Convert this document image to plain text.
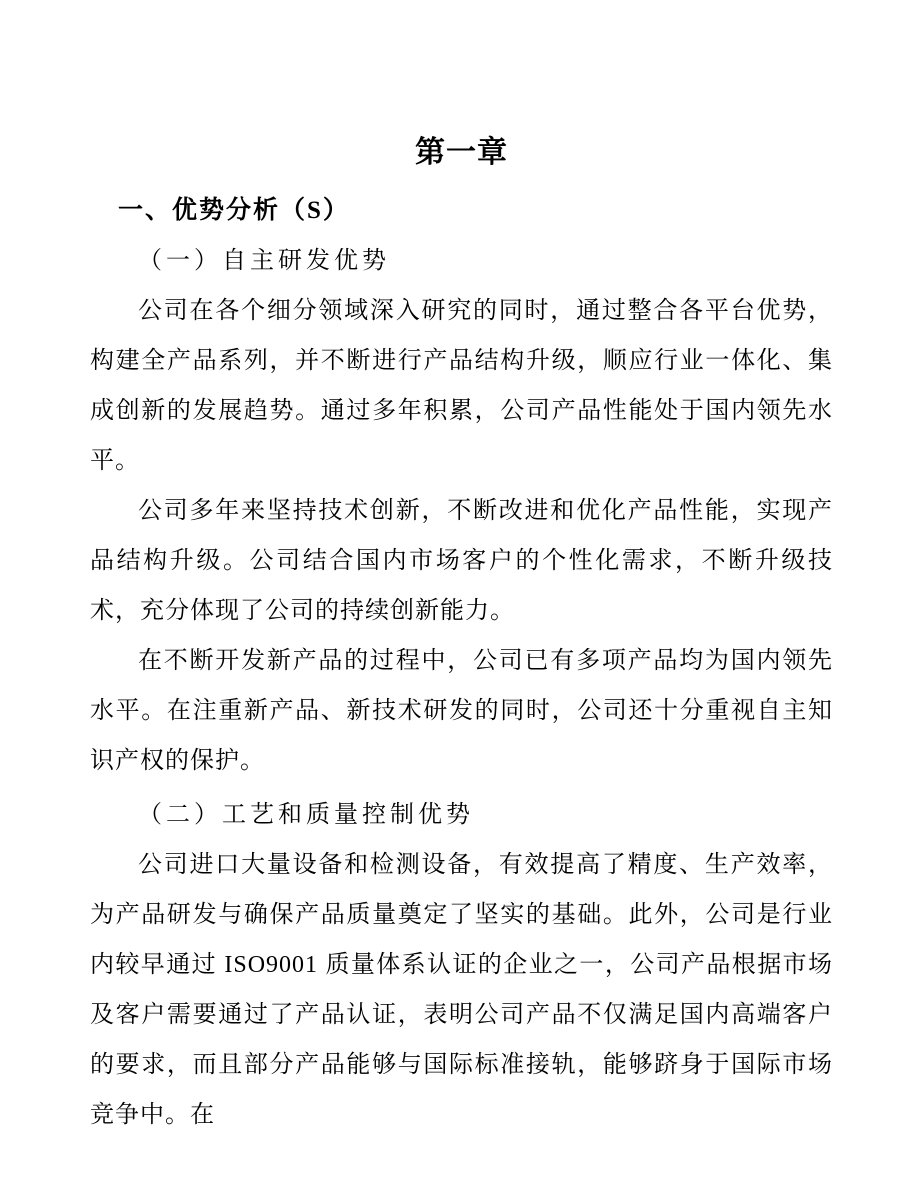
第一章
一、优势分析（S）
（一）自主研发优势

公司在各个细分领域深入研究的同时，通过整合各平台优势，构建全产品系列，并不断进行产品结构升级，顺应行业一体化、集成创新的发展趋势。通过多年积累，公司产品性能处于国内领先水平。

公司多年来坚持技术创新，不断改进和优化产品性能，实现产品结构升级。公司结合国内市场客户的个性化需求，不断升级技术，充分体现了公司的持续创新能力。

在不断开发新产品的过程中，公司已有多项产品均为国内领先水平。在注重新产品、新技术研发的同时，公司还十分重视自主知识产权的保护。

（二）工艺和质量控制优势

公司进口大量设备和检测设备，有效提高了精度、生产效率，为产品研发与确保产品质量奠定了坚实的基础。此外，公司是行业内较早通过 ISO9001 质量体系认证的企业之一，公司产品根据市场及客户需要通过了产品认证，表明公司产品不仅满足国内高端客户的要求，而且部分产品能够与国际标准接轨，能够跻身于国际市场竞争中。在
